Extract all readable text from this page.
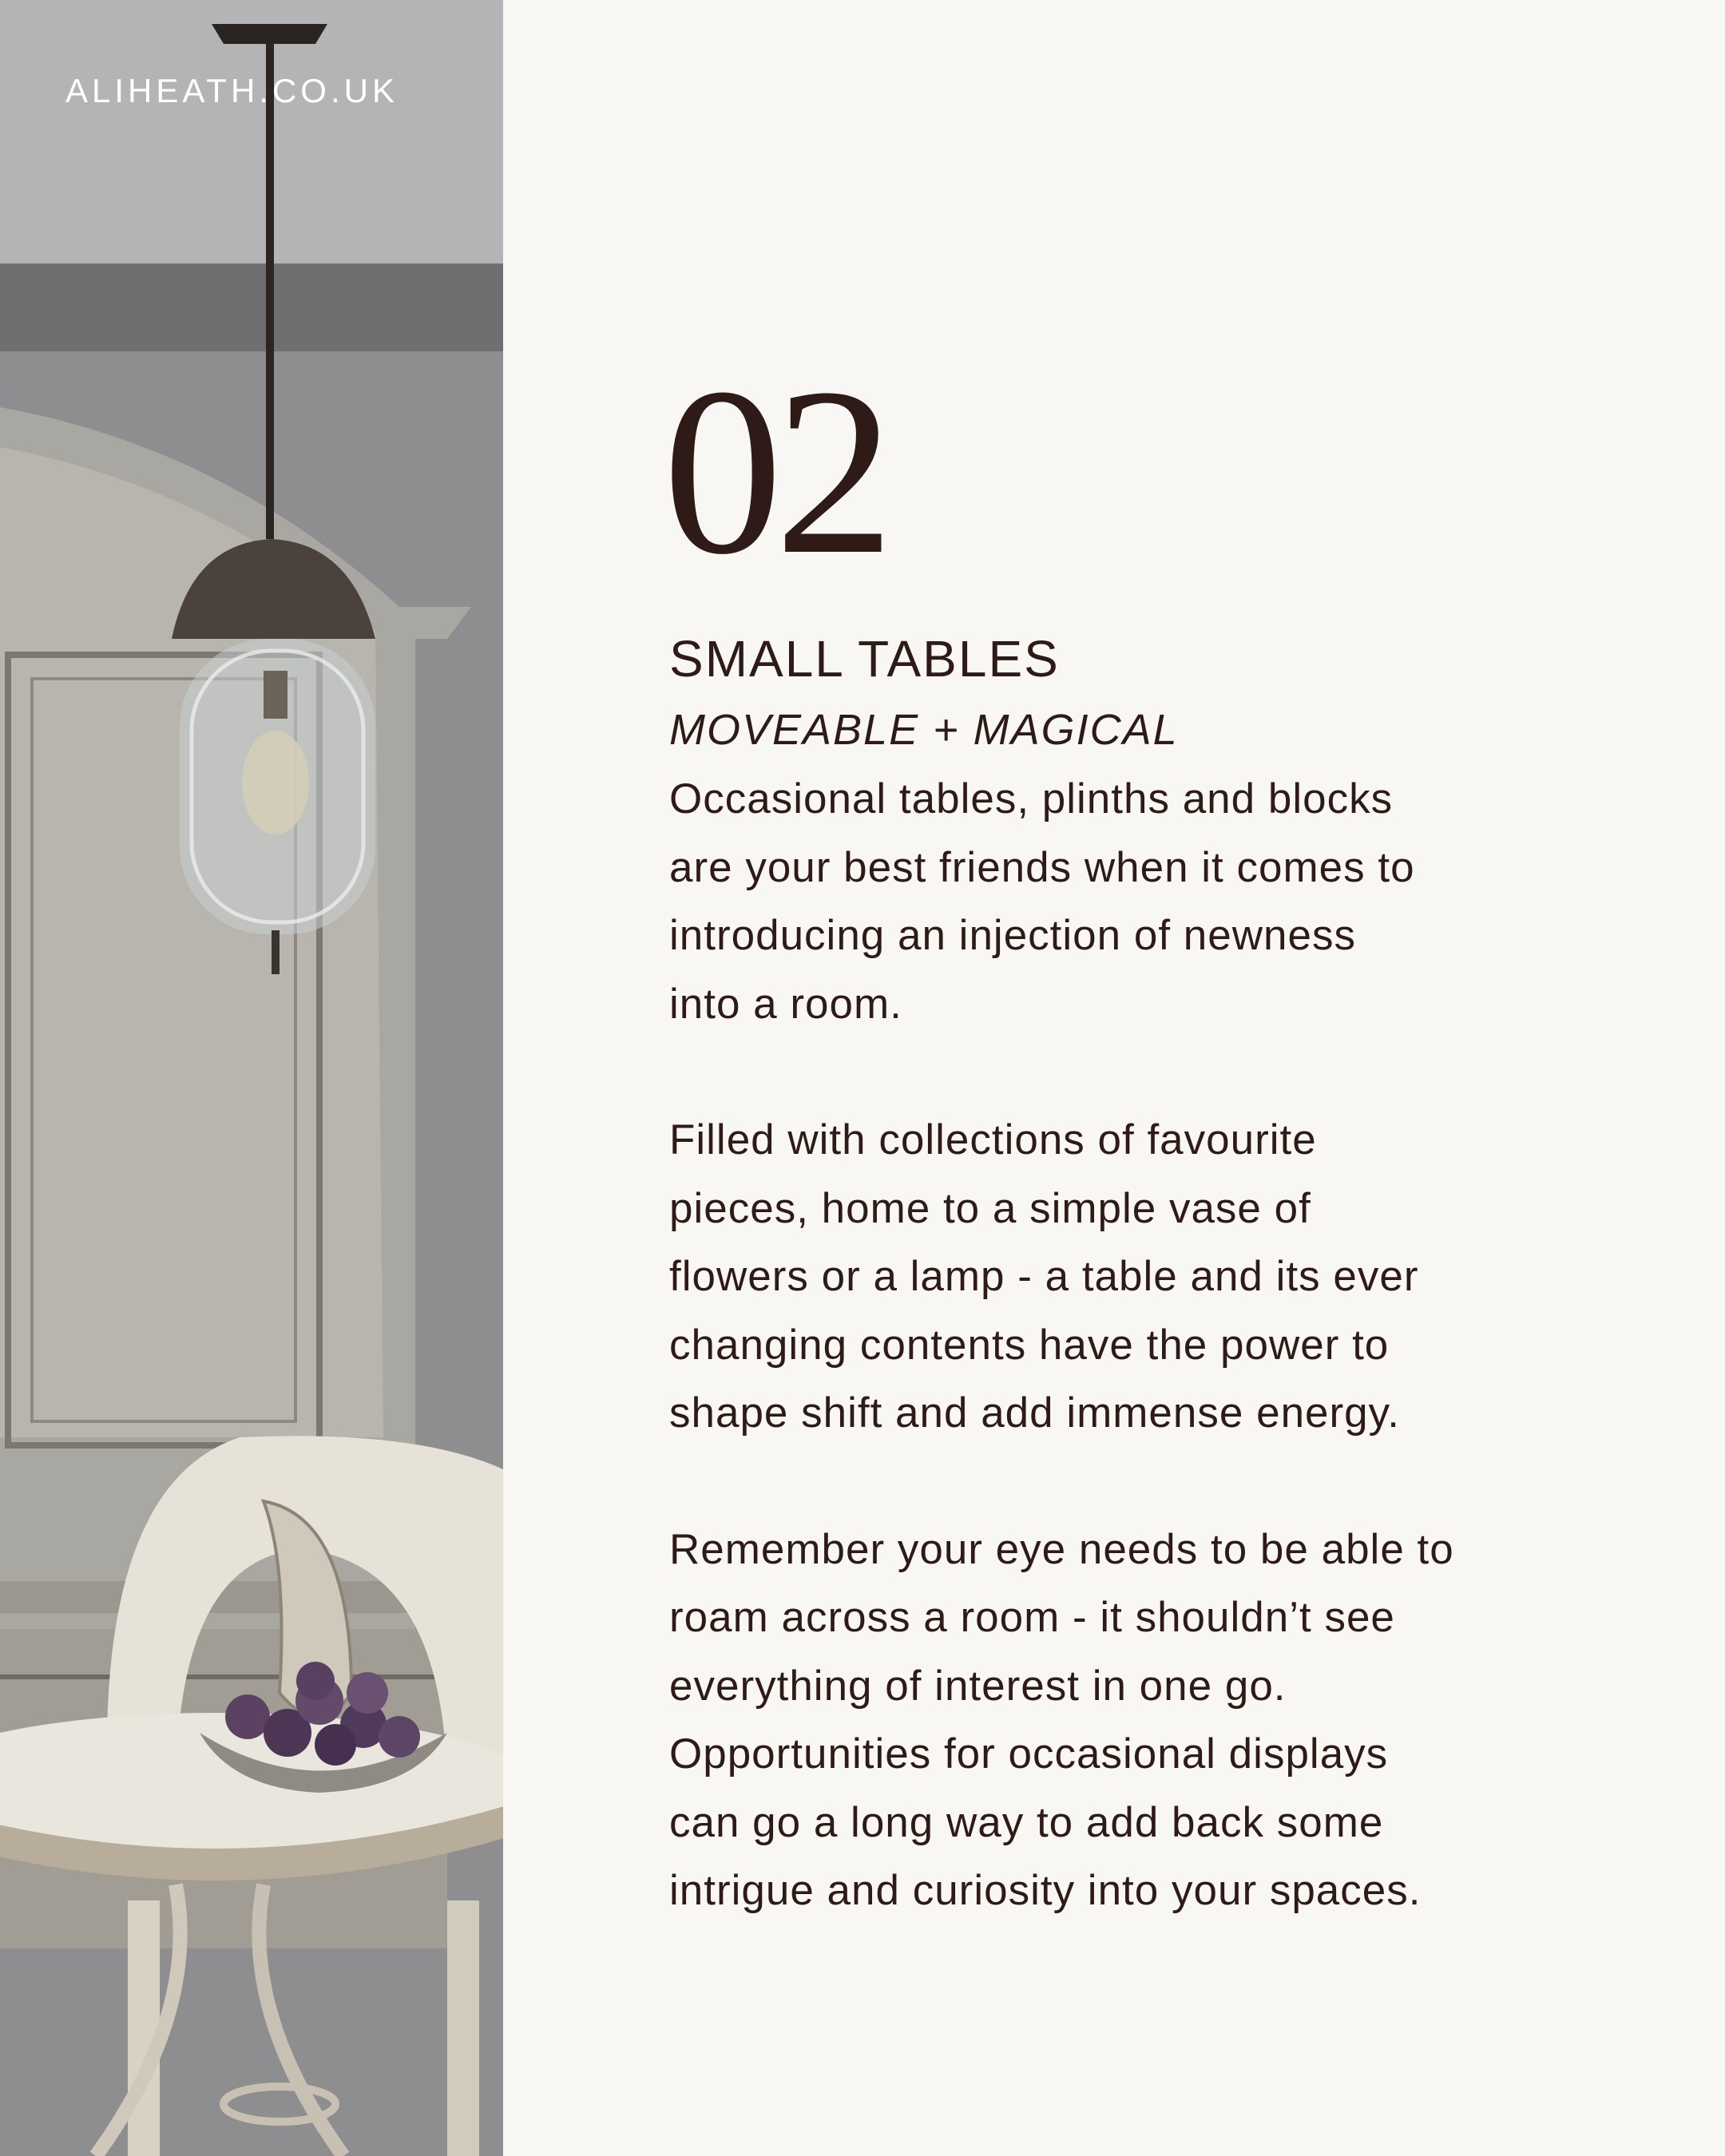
ALIHEATH.CO.UK
02
SMALL TABLES
MOVEABLE + MAGICAL

Occasional tables, plinths and blocks
are your best friends when it comes to
introducing an injection of newness
into a room.

Filled with collections of favourite
pieces, home to a simple vase of
flowers or a lamp - a table and its ever
changing contents have the power to
shape shift and add immense energy.

Remember your eye needs to be able to
roam across a room - it shouldn’t see
everything of interest in one go.
Opportunities for occasional displays
can go a long way to add back some
intrigue and curiosity into your spaces.
